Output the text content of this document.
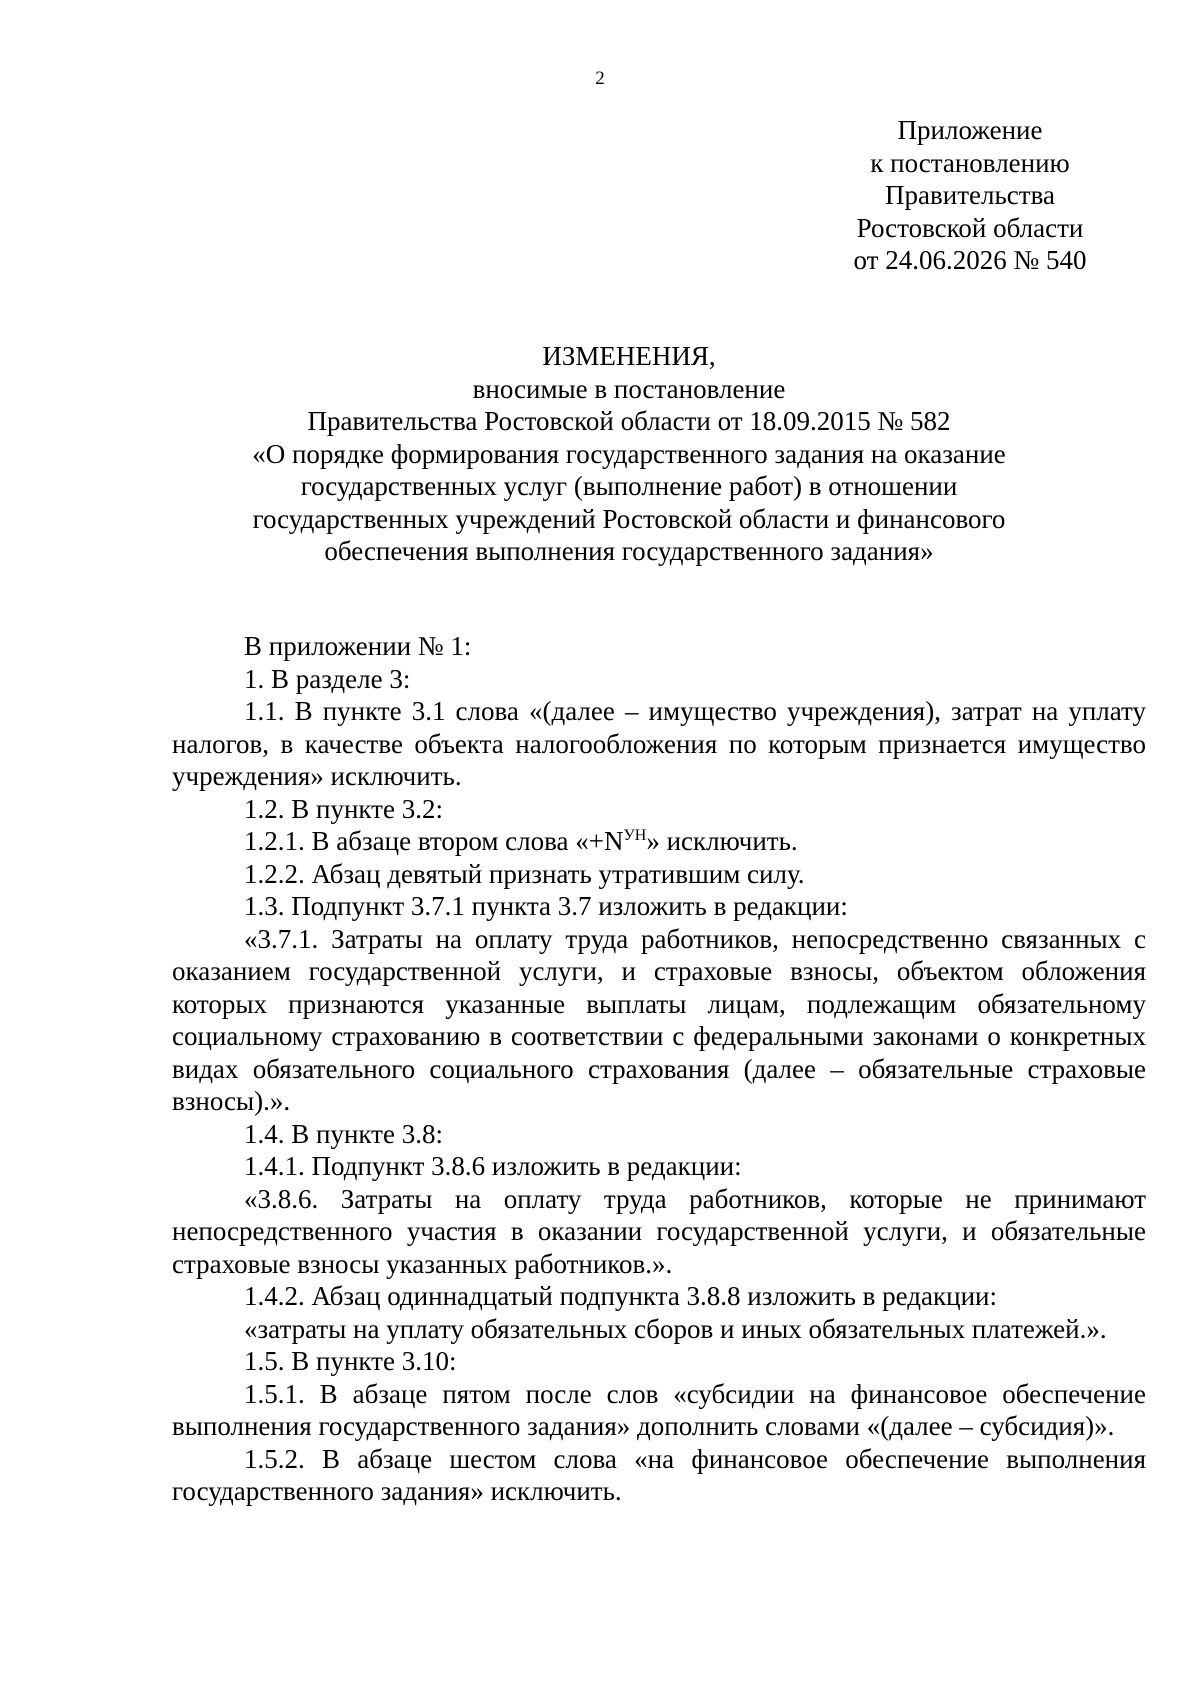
2
Приложение
к постановлению
Правительства
Ростовской области
от 24.06.2026 № 540
ИЗМЕНЕНИЯ,
вносимые в постановление
Правительства Ростовской области от 18.09.2015 № 582
«О порядке формирования государственного задания на оказание
государственных услуг (выполнение работ) в отношении
государственных учреждений Ростовской области и финансового
обеспечения выполнения государственного задания»

В приложении № 1:

1. В разделе 3:

1.1. В пункте 3.1 слова «(далее – имущество учреждения), затрат на уплату налогов, в качестве объекта налогообложения по которым признается имущество учреждения» исключить.

1.2. В пункте 3.2:

1.2.1. В абзаце втором слова «$+N^{УН}$» исключить.

1.2.2. Абзац девятый признать утратившим силу.

1.3. Подпункт 3.7.1 пункта 3.7 изложить в редакции:

«3.7.1. Затраты на оплату труда работников, непосредственно связанных с оказанием государственной услуги, и страховые взносы, объектом обложения которых признаются указанные выплаты лицам, подлежащим обязательному социальному страхованию в соответствии с федеральными законами о конкретных видах обязательного социального страхования (далее – обязательные страховые взносы).».

1.4. В пункте 3.8:

1.4.1. Подпункт 3.8.6 изложить в редакции:

«3.8.6. Затраты на оплату труда работников, которые не принимают непосредственного участия в оказании государственной услуги, и обязательные страховые взносы указанных работников.».

1.4.2. Абзац одиннадцатый подпункта 3.8.8 изложить в редакции:

«затраты на уплату обязательных сборов и иных обязательных платежей.».

1.5. В пункте 3.10:

1.5.1. В абзаце пятом после слов «субсидии на финансовое обеспечение выполнения государственного задания» дополнить словами «(далее – субсидия)».

1.5.2. В абзаце шестом слова «на финансовое обеспечение выполнения государственного задания» исключить.
